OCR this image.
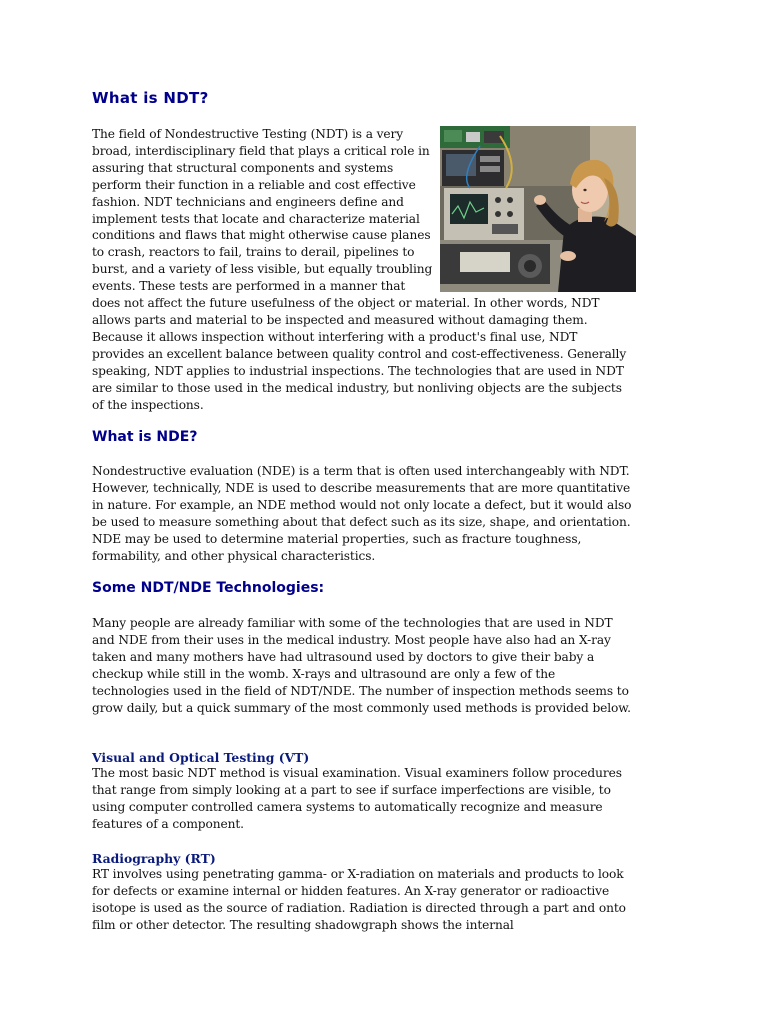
What is NDT?

The field of Nondestructive Testing (NDT) is a very broad, interdisciplinary field that plays a critical role in assuring that structural components and systems perform their function in a reliable and cost effective fashion. NDT technicians and engineers define and implement tests that locate and characterize material conditions and flaws that might otherwise cause planes to crash, reactors to fail, trains to derail, pipelines to burst, and a variety of less visible, but equally troubling events. These tests are performed in a manner that does not affect the future usefulness of the object or material. In other words, NDT allows parts and material to be inspected and measured without damaging them. Because it allows inspection without interfering with a product's final use, NDT provides an excellent balance between quality control and cost-effectiveness. Generally speaking, NDT applies to industrial inspections. The technologies that are used in NDT are similar to those used in the medical industry, but nonliving objects are the subjects of the inspections.

What is NDE?

Nondestructive evaluation (NDE) is a term that is often used interchangeably with NDT. However, technically, NDE is used to describe measurements that are more quantitative in nature. For example, an NDE method would not only locate a defect, but it would also be used to measure something about that defect such as its size, shape, and orientation. NDE may be used to determine material properties, such as fracture toughness, formability, and other physical characteristics.

Some NDT/NDE Technologies:

Many people are already familiar with some of the technologies that are used in NDT and NDE from their uses in the medical industry. Most people have also had an X-ray taken and many mothers have had ultrasound used by doctors to give their baby a checkup while still in the womb. X-rays and ultrasound are only a few of the technologies used in the field of NDT/NDE. The number of inspection methods seems to grow daily, but a quick summary of the most commonly used methods is provided below.

Visual and Optical Testing (VT)

The most basic NDT method is visual examination. Visual examiners follow procedures that range from simply looking at a part to see if surface imperfections are visible, to using computer controlled camera systems to automatically recognize and measure features of a component.

Radiography (RT)

RT involves using penetrating gamma- or X-radiation on materials and products to look for defects or examine internal or hidden features. An X-ray generator or radioactive isotope is used as the source of radiation. Radiation is directed through a part and onto film or other detector. The resulting shadowgraph shows the internal
